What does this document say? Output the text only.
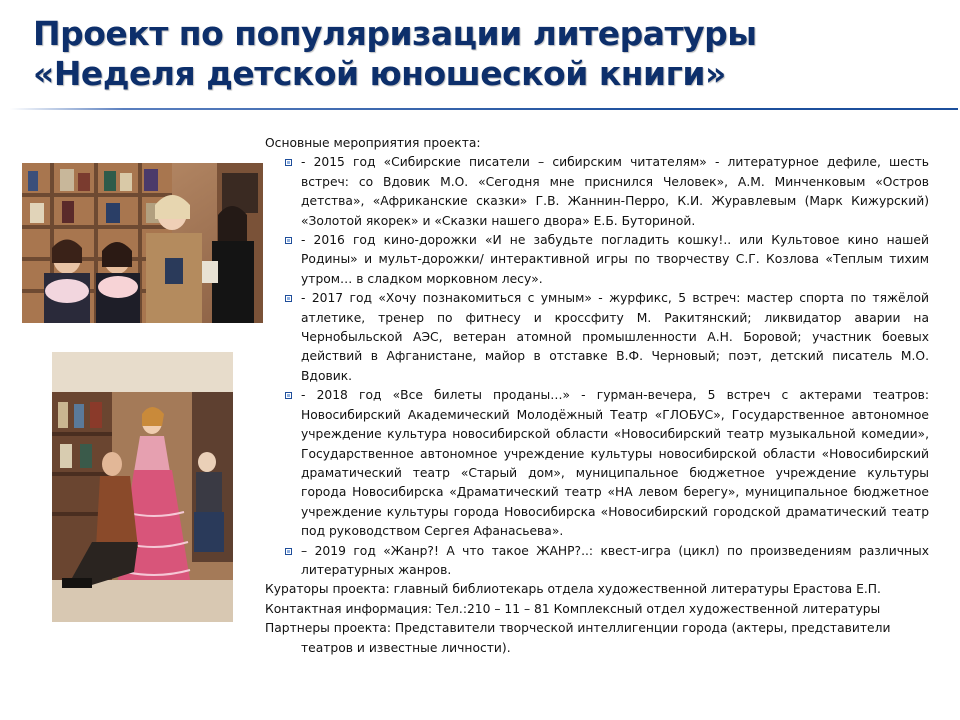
Проект по популяризации литературы
«Неделя детской юношеской книги»

Основные мероприятия проекта:

- 2015 год «Сибирские писатели – сибирским читателям» - литературное дефиле, шесть встреч: со Вдовик М.О. «Сегодня мне приснился Человек», А.М. Минченковым «Остров детства», «Африканские сказки» Г.В. Жаннин-Перро, К.И. Журавлевым (Марк Кижурский) «Золотой якорек» и «Сказки нашего двора» Е.Б. Буториной.
- 2016 год кино-дорожки «И не забудьте погладить кошку!.. или Культовое кино нашей Родины» и мульт-дорожки/ интерактивной игры по творчеству С.Г. Козлова «Теплым тихим утром… в сладком морковном лесу».
- 2017 год «Хочу познакомиться с умным» - журфикс, 5 встреч: мастер спорта по тяжёлой атлетике, тренер по фитнесу и кроссфиту М. Ракитянский; ликвидатор аварии на Чернобыльской АЭС, ветеран атомной промышленности А.Н. Боровой; участник боевых действий в Афганистане, майор в отставке В.Ф. Черновый; поэт, детский писатель М.О. Вдовик.
- 2018 год «Все билеты проданы…» - гурман-вечера, 5 встреч с актерами театров: Новосибирский Академический Молодёжный Театр «ГЛОБУС», Государственное автономное учреждение культура новосибирской области «Новосибирский театр музыкальной комедии», Государственное автономное учреждение культуры новосибирской области «Новосибирский драматический театр «Старый дом», муниципальное бюджетное учреждение культуры города Новосибирска «Драматический театр «НА левом берегу», муниципальное бюджетное учреждение культуры города Новосибирска «Новосибирский городской драматический театр под руководством Сергея Афанасьева».
– 2019 год «Жанр?! А что такое ЖАНР?..: квест-игра (цикл) по произведениям различных литературных жанров.
Кураторы проекта: главный библиотекарь отдела художественной литературы Ерастова Е.П.
Контактная информация: Тел.:210 – 11 – 81 Комплексный отдел художественной литературы
Партнеры проекта: Представители творческой интеллигенции города (актеры, представители театров и известные личности).
